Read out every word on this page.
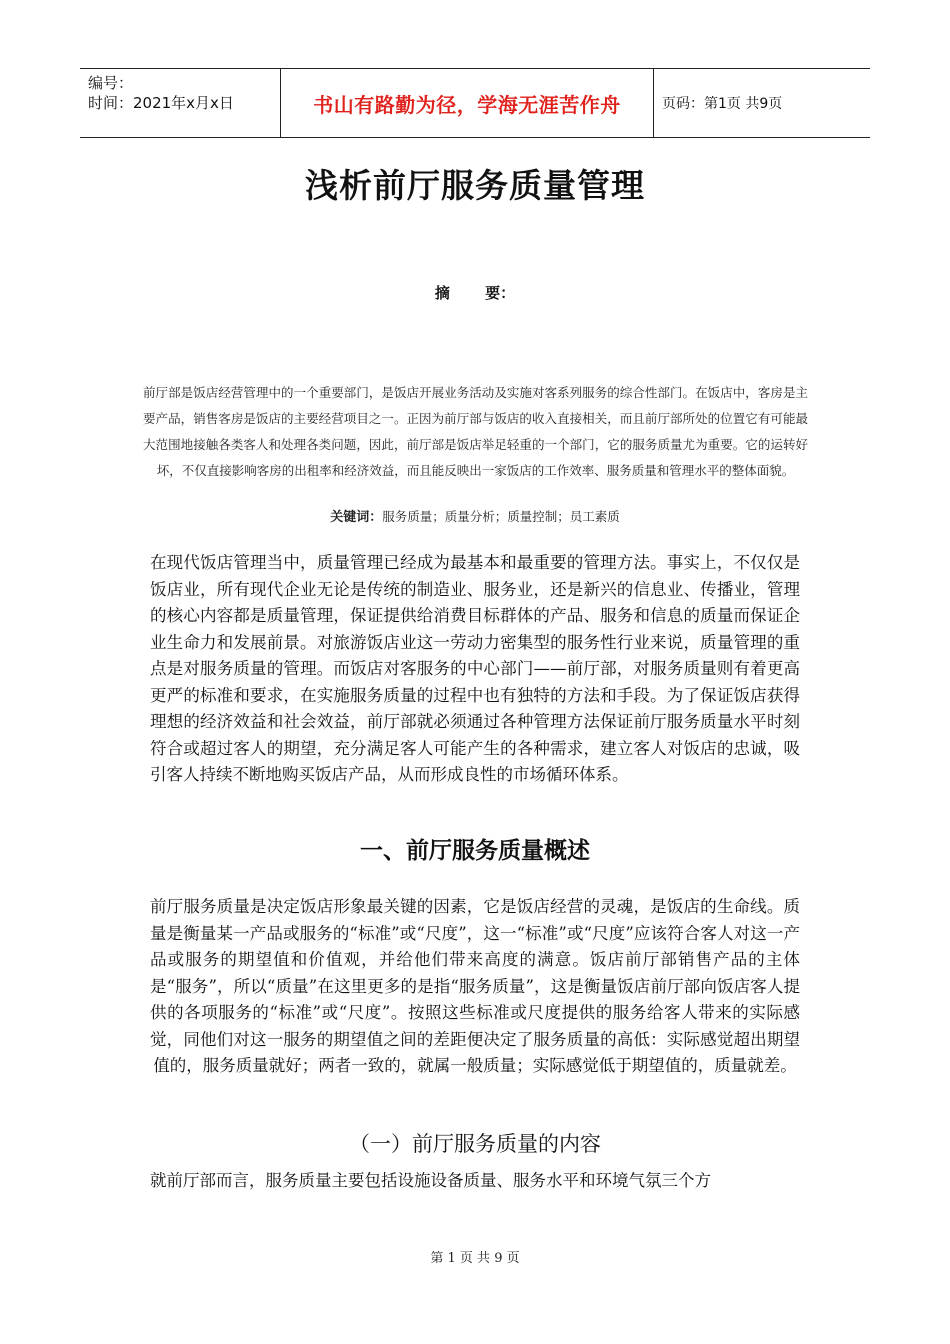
编号：
时间：2021年x月x日	书山有路勤为径，学海无涯苦作舟	页码：第1页 共9页
浅析前厅服务质量管理
摘 要：
前厅部是饭店经营管理中的一个重要部门，是饭店开展业务活动及实施对客系列服务的综合性部门。在饭店中，客房是主要产品，销售客房是饭店的主要经营项目之一。正因为前厅部与饭店的收入直接相关，而且前厅部所处的位置它有可能最大范围地接触各类客人和处理各类问题，因此，前厅部是饭店举足轻重的一个部门，它的服务质量尤为重要。它的运转好坏，不仅直接影响客房的出租率和经济效益，而且能反映出一家饭店的工作效率、服务质量和管理水平的整体面貌。
关键词：服务质量；质量分析；质量控制；员工素质
在现代饭店管理当中，质量管理已经成为最基本和最重要的管理方法。事实上，不仅仅是饭店业，所有现代企业无论是传统的制造业、服务业，还是新兴的信息业、传播业，管理的核心内容都是质量管理，保证提供给消费目标群体的产品、服务和信息的质量而保证企业生命力和发展前景。对旅游饭店业这一劳动力密集型的服务性行业来说，质量管理的重点是对服务质量的管理。而饭店对客服务的中心部门——前厅部，对服务质量则有着更高更严的标准和要求，在实施服务质量的过程中也有独特的方法和手段。为了保证饭店获得理想的经济效益和社会效益，前厅部就必须通过各种管理方法保证前厅服务质量水平时刻符合或超过客人的期望，充分满足客人可能产生的各种需求，建立客人对饭店的忠诚，吸引客人持续不断地购买饭店产品，从而形成良性的市场循环体系。
一、前厅服务质量概述
前厅服务质量是决定饭店形象最关键的因素，它是饭店经营的灵魂，是饭店的生命线。质量是衡量某一产品或服务的“标准”或“尺度”，这一“标准”或“尺度”应该符合客人对这一产品或服务的期望值和价值观，并给他们带来高度的满意。饭店前厅部销售产品的主体是“服务”，所以“质量”在这里更多的是指“服务质量”，这是衡量饭店前厅部向饭店客人提供的各项服务的“标准”或“尺度”。按照这些标准或尺度提供的服务给客人带来的实际感觉，同他们对这一服务的期望值之间的差距便决定了服务质量的高低：实际感觉超出期望值的，服务质量就好；两者一致的，就属一般质量；实际感觉低于期望值的，质量就差。
（一）前厅服务质量的内容
就前厅部而言，服务质量主要包括设施设备质量、服务水平和环境气氛三个方
第 1 页 共 9 页
